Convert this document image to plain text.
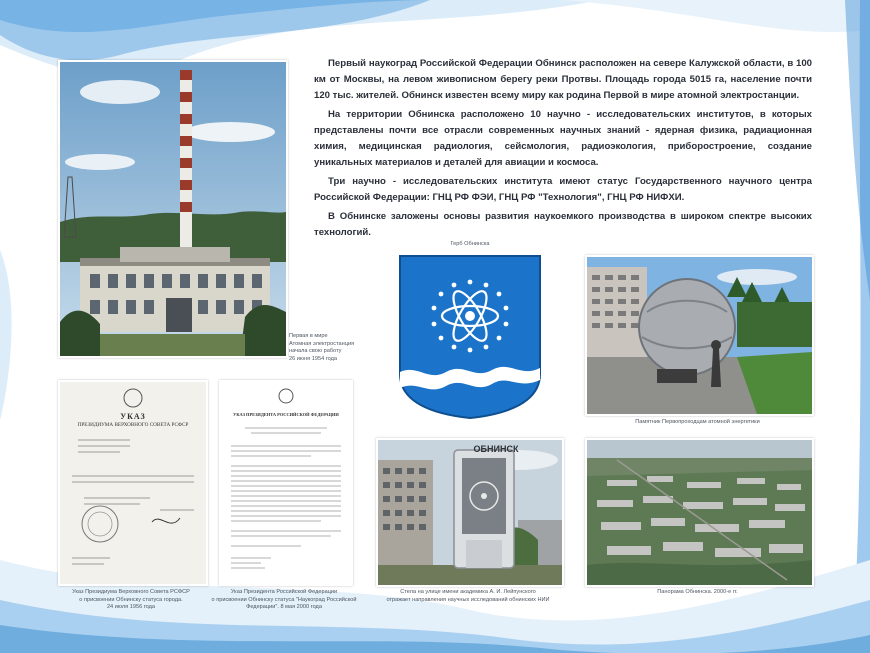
Первый наукоград Российской Федерации Обнинск расположен на севере Калужской области, в 100 км от Москвы, на левом живописном берегу реки Протвы. Площадь города 5015 га, население почти 120 тыс. жителей. Обнинск известен всему миру как родина Первой в мире атомной электростанции.

На территории Обнинска расположено 10 научно - исследовательских институтов, в которых представлены почти все отрасли современных научных знаний - ядерная физика, радиационная химия, медицинская радиология, сейсмология, радиоэкология, приборостроение, создание уникальных материалов и деталей для авиации и космоса.

Три научно - исследовательских института имеют статус Государственного научного центра Российской Федерации: ГНЦ РФ ФЭИ, ГНЦ РФ "Технология", ГНЦ РФ НИФХИ.

В Обнинске заложены основы развития наукоемкого производства в широком спектре высоких технологий.

Первая в мире
Атомная электростанция
начала свою работу
26 июня 1954 года

Герб Обнинска

Памятник Первопроходцам атомной энергетики

УКАЗ
ПРЕЗИДИУМА ВЕРХОВНОГО СОВЕТА РСФСР

Указ Президиума Верховного Совета РСФСР
о присвоении Обнинску статуса города.
24 июля 1956 года

УКАЗ ПРЕЗИДЕНТА РОССИЙСКОЙ ФЕДЕРАЦИИ

Указ Президента Российской Федерации
о присвоении Обнинску статуса "Наукоград Российской
Федерации". 8 мая 2000 года

ОБНИНСК

Стела на улице имени академика А. И. Лейпунского
отражает направления научных исследований обнинских НИИ

Панорама Обнинска. 2000-е гг.
